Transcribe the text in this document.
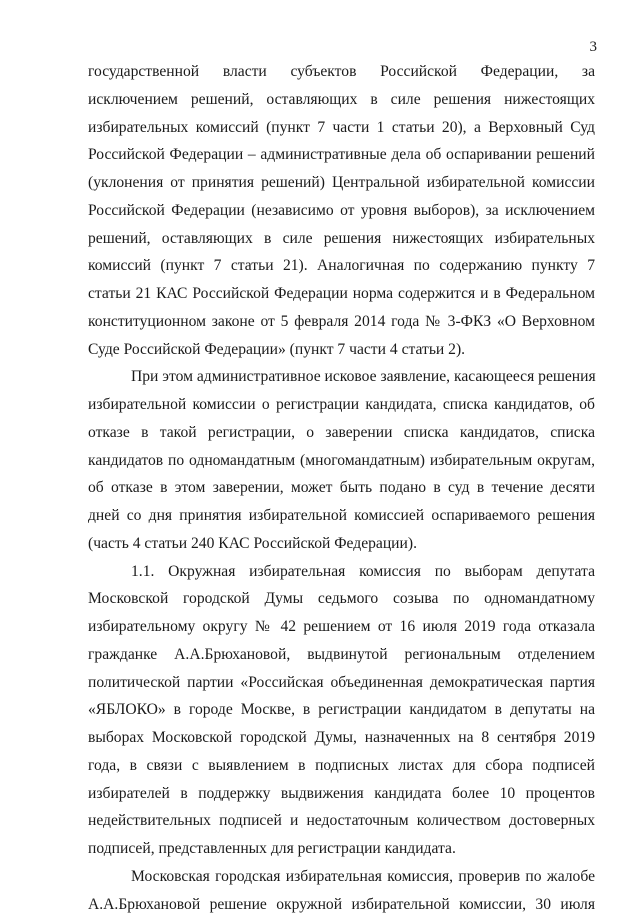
3
государственной власти субъектов Российской Федерации, за
исключением решений, оставляющих в силе решения нижестоящих
избирательных комиссий (пункт 7 части 1 статьи 20), а Верховный Суд
Российской Федерации – административные дела об оспаривании решений
(уклонения от принятия решений) Центральной избирательной комиссии
Российской Федерации (независимо от уровня выборов), за исключением
решений, оставляющих в силе решения нижестоящих избирательных
комиссий (пункт 7 статьи 21). Аналогичная по содержанию пункту 7
статьи 21 КАС Российской Федерации норма содержится и в Федеральном
конституционном законе от 5 февраля 2014 года № 3-ФКЗ «О Верховном
Суде Российской Федерации» (пункт 7 части 4 статьи 2).
При этом административное исковое заявление, касающееся решения
избирательной комиссии о регистрации кандидата, списка кандидатов, об
отказе в такой регистрации, о заверении списка кандидатов, списка
кандидатов по одномандатным (многомандатным) избирательным округам,
об отказе в этом заверении, может быть подано в суд в течение десяти
дней со дня принятия избирательной комиссией оспариваемого решения
(часть 4 статьи 240 КАС Российской Федерации).
1.1. Окружная избирательная комиссия по выборам депутата
Московской городской Думы седьмого созыва по одномандатному
избирательному округу № 42 решением от 16 июля 2019 года отказала
гражданке А.А.Брюхановой, выдвинутой региональным отделением
политической партии «Российская объединенная демократическая партия
«ЯБЛОКО» в городе Москве, в регистрации кандидатом в депутаты на
выборах Московской городской Думы, назначенных на 8 сентября 2019
года, в связи с выявлением в подписных листах для сбора подписей
избирателей в поддержку выдвижения кандидата более 10 процентов
недействительных подписей и недостаточным количеством достоверных
подписей, представленных для регистрации кандидата.
Московская городская избирательная комиссия, проверив по жалобе
А.А.Брюхановой решение окружной избирательной комиссии, 30 июля
